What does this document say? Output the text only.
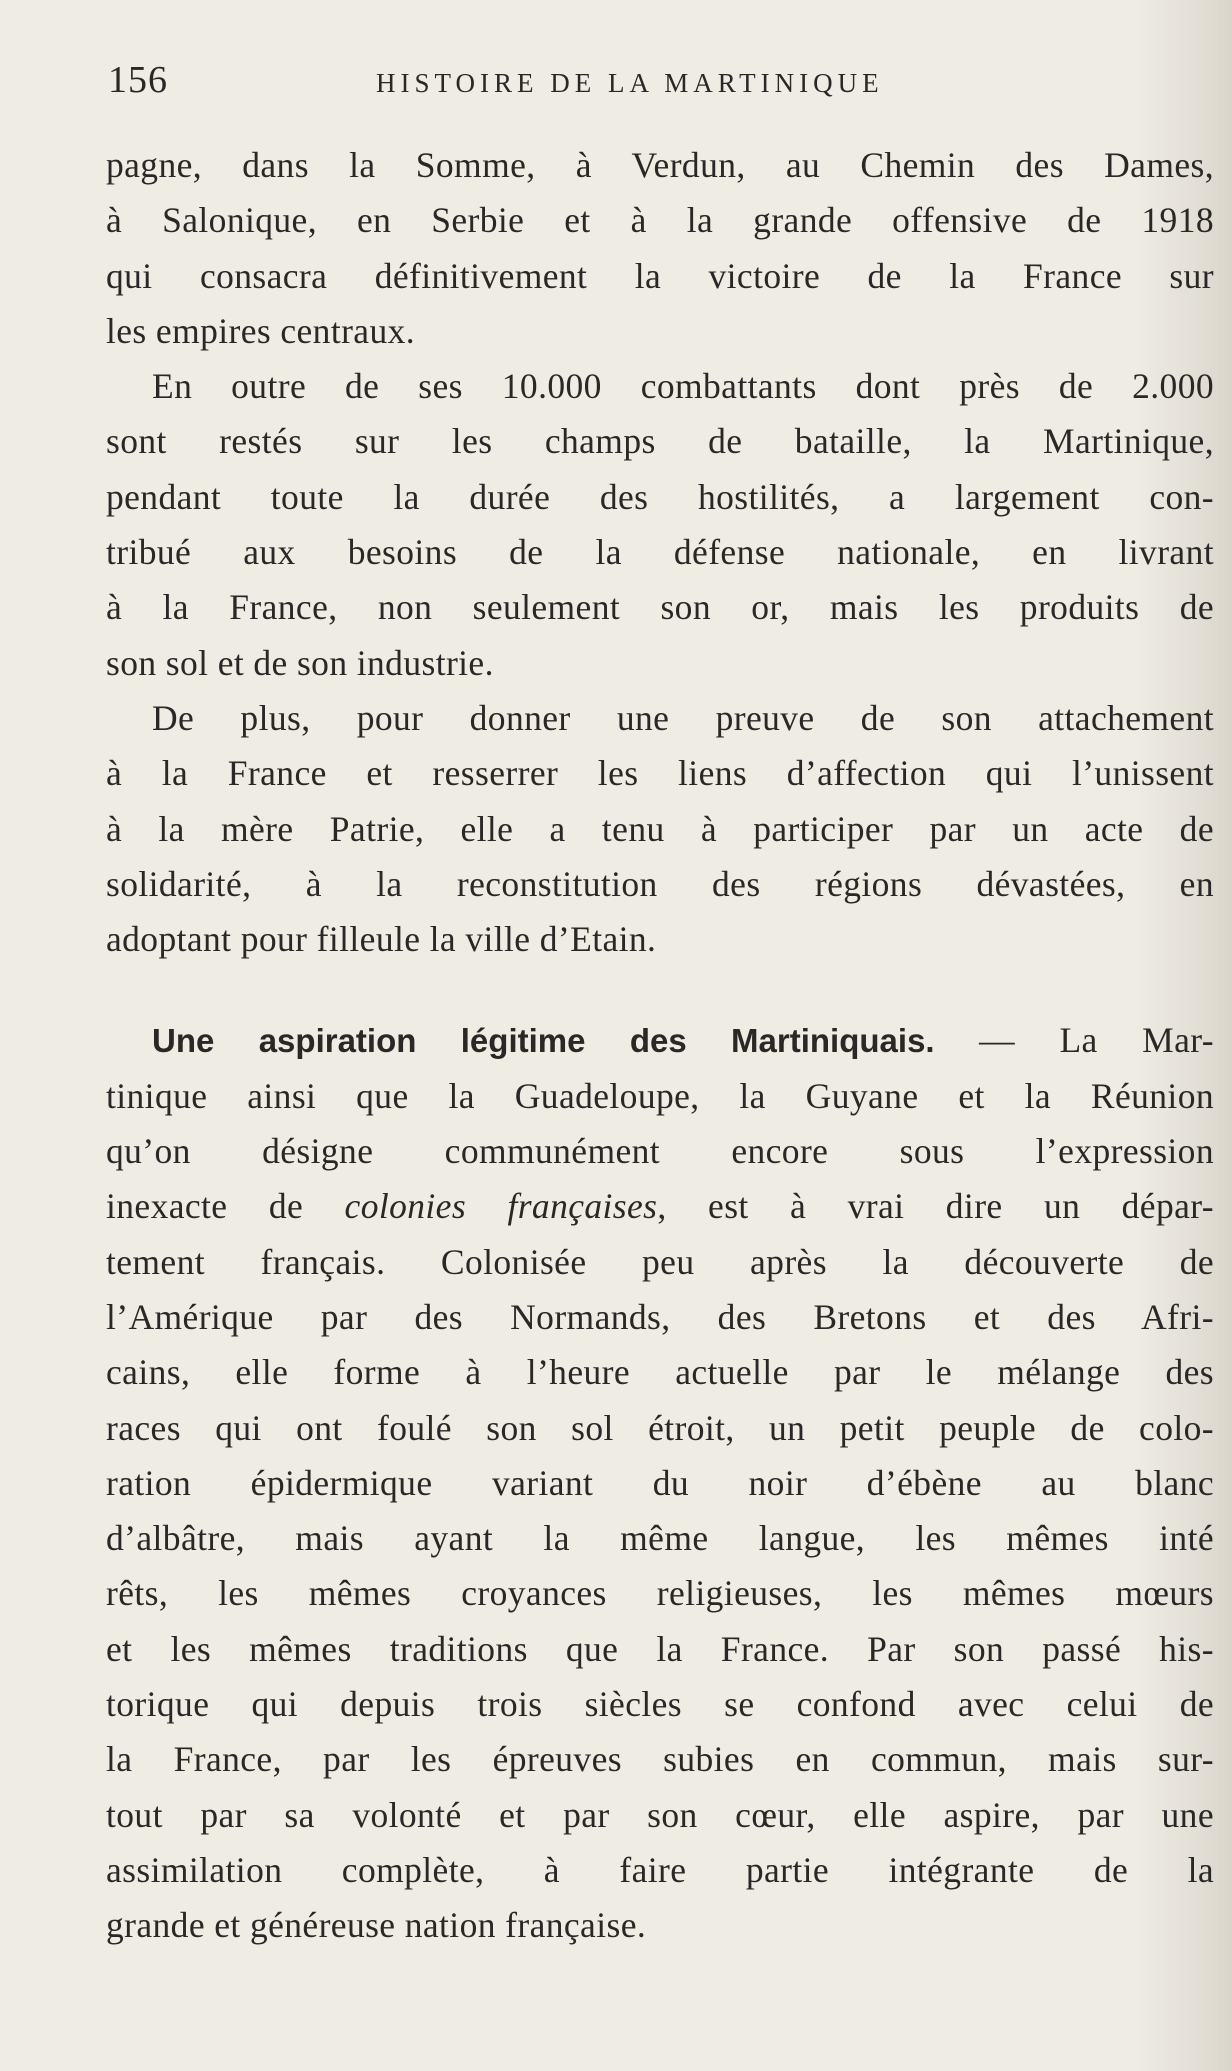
156	HISTOIRE DE LA MARTINIQUE
pagne, dans la Somme, à Verdun, au Chemin des Dames,
à Salonique, en Serbie et à la grande offensive de 1918
qui consacra définitivement la victoire de la France sur
les empires centraux.
En outre de ses 10.000 combattants dont près de 2.000
sont restés sur les champs de bataille, la Martinique,
pendant toute la durée des hostilités, a largement con-
tribué aux besoins de la défense nationale, en livrant
à la France, non seulement son or, mais les produits de
son sol et de son industrie.
De plus, pour donner une preuve de son attachement
à la France et resserrer les liens d’affection qui l’unissent
à la mère Patrie, elle a tenu à participer par un acte de
solidarité, à la reconstitution des régions dévastées, en
adoptant pour filleule la ville d’Etain.
Une aspiration légitime des Martiniquais. — La Mar-
tinique ainsi que la Guadeloupe, la Guyane et la Réunion
qu’on désigne communément encore sous l’expression
inexacte de colonies françaises, est à vrai dire un dépar-
tement français. Colonisée peu après la découverte de
l’Amérique par des Normands, des Bretons et des Afri-
cains, elle forme à l’heure actuelle par le mélange des
races qui ont foulé son sol étroit, un petit peuple de colo-
ration épidermique variant du noir d’ébène au blanc
d’albâtre, mais ayant la même langue, les mêmes inté
rêts, les mêmes croyances religieuses, les mêmes mœurs
et les mêmes traditions que la France. Par son passé his-
torique qui depuis trois siècles se confond avec celui de
la France, par les épreuves subies en commun, mais sur-
tout par sa volonté et par son cœur, elle aspire, par une
assimilation complète, à faire partie intégrante de la
grande et généreuse nation française.
